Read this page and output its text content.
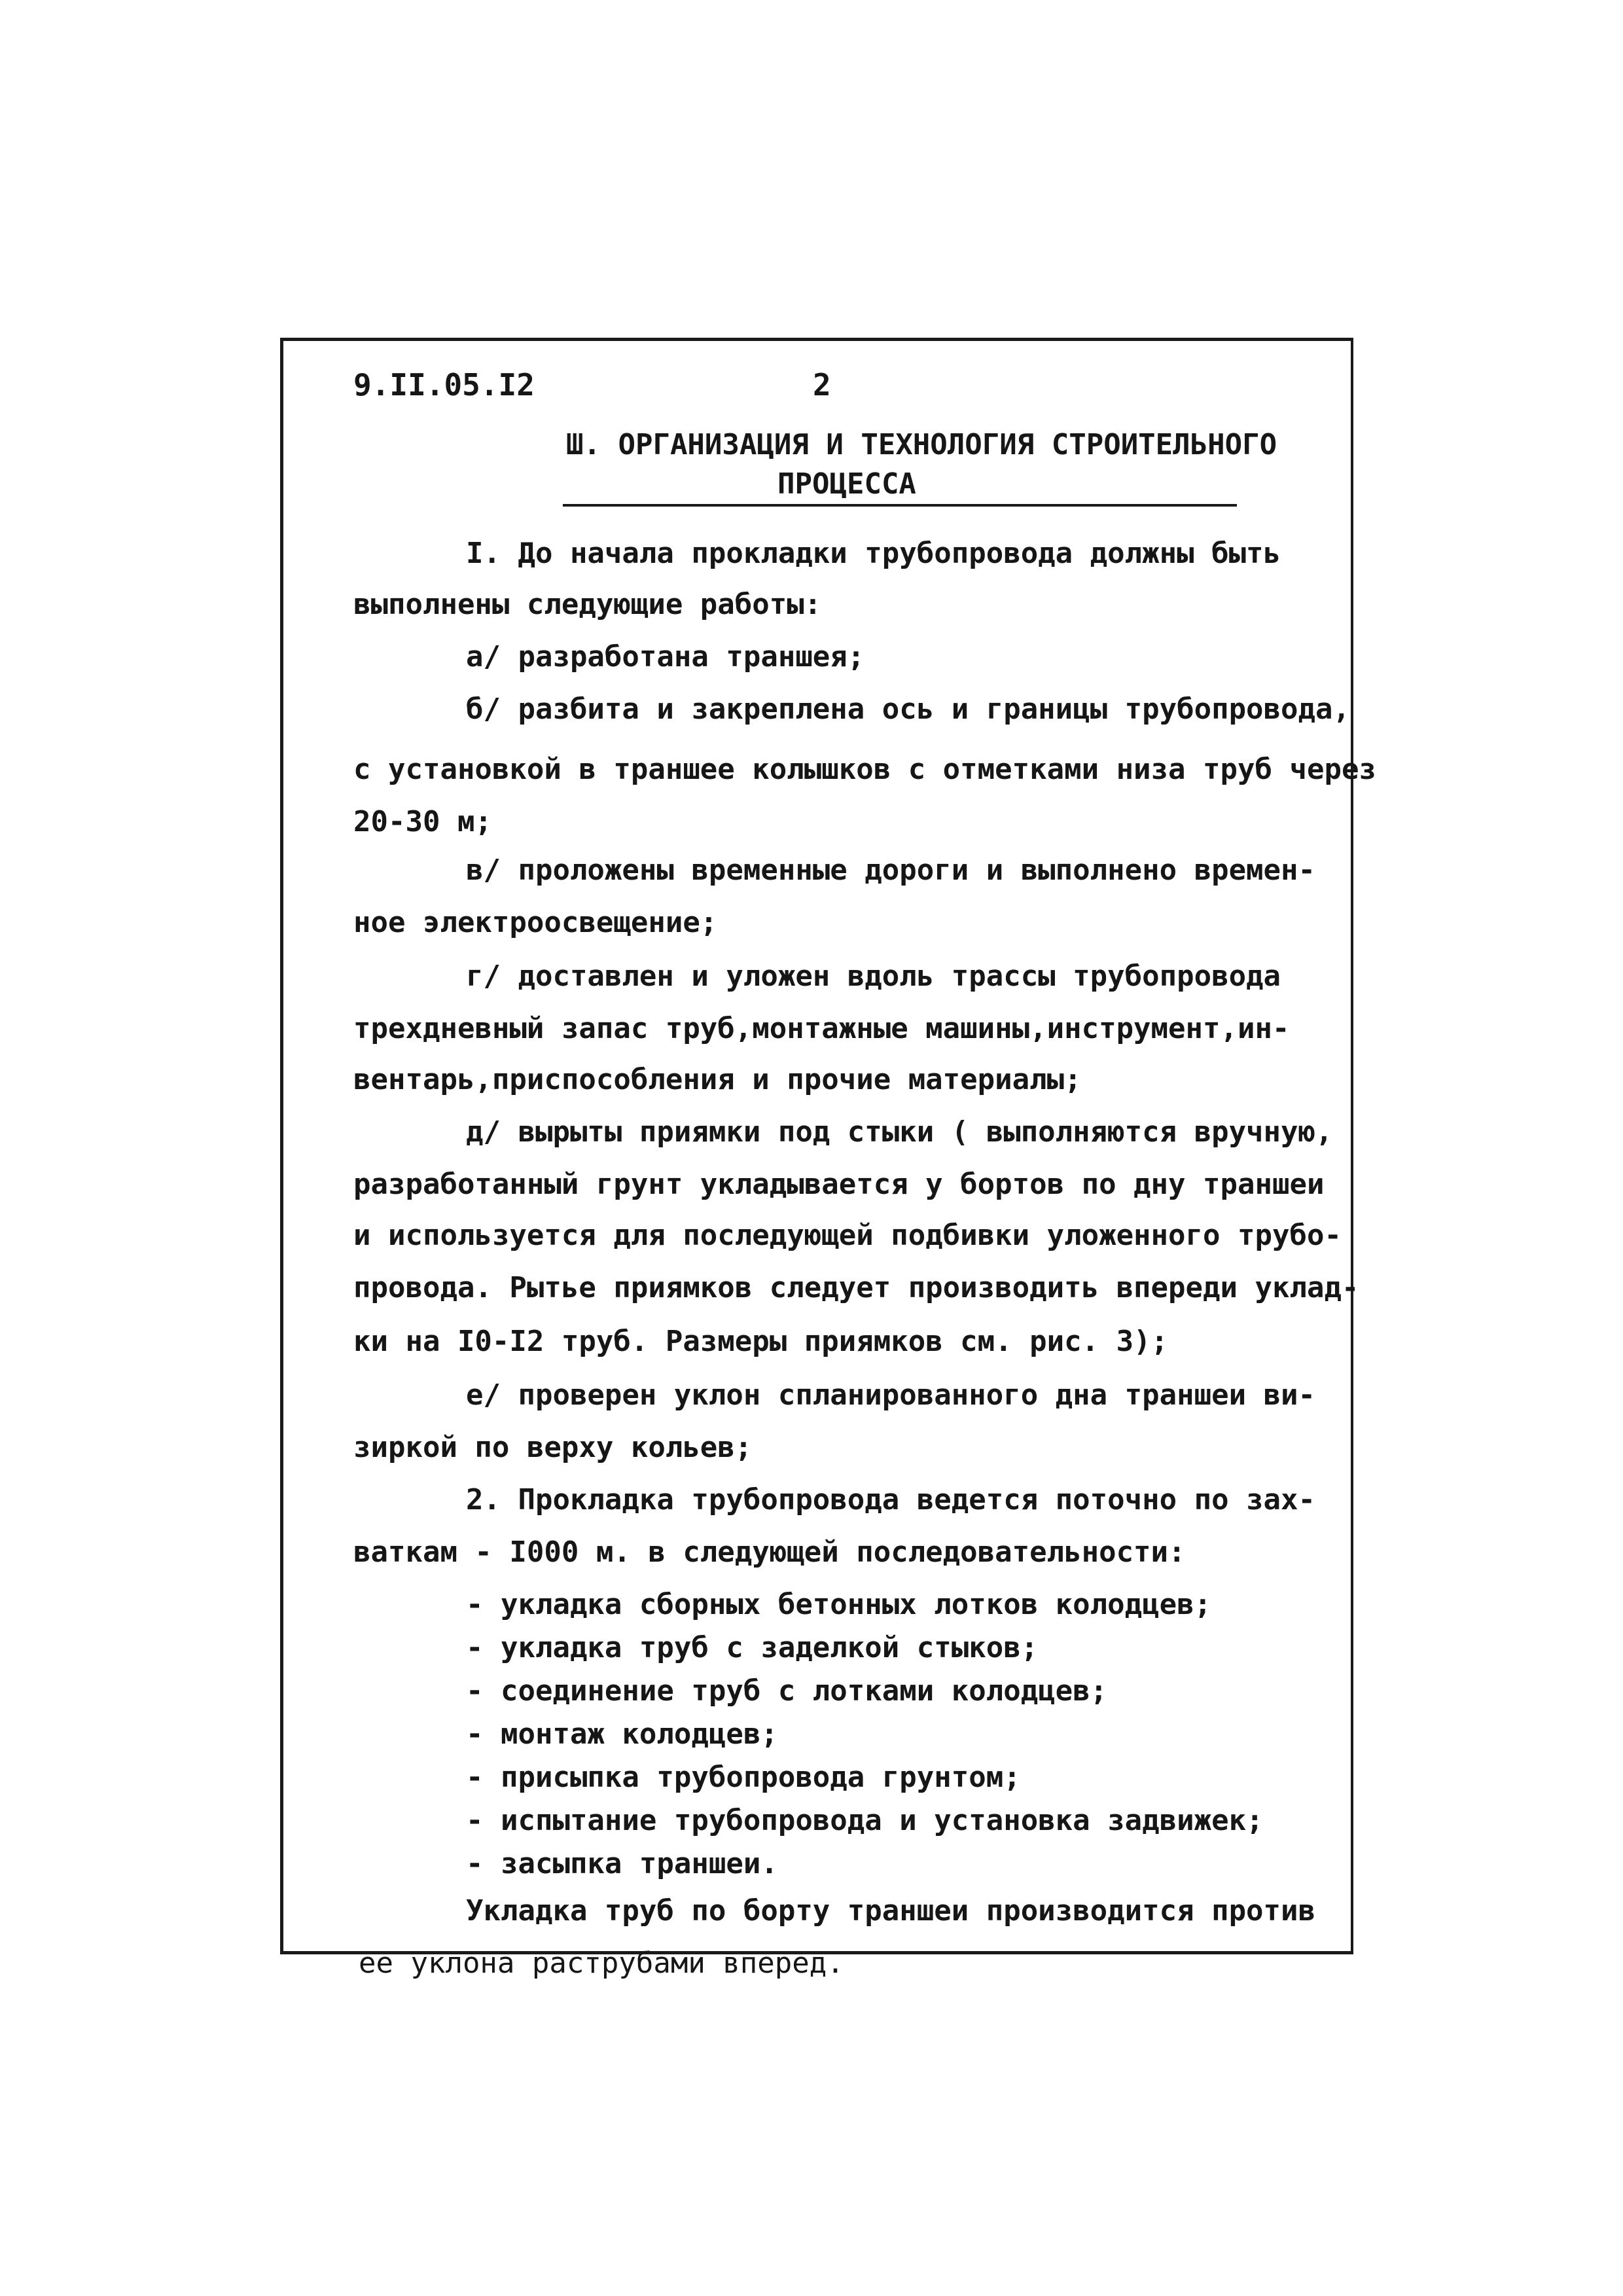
9.II.05.I2	2
Ш. ОРГАНИЗАЦИЯ И ТЕХНОЛОГИЯ СТРОИТЕЛЬНОГО
ПРОЦЕССА
I. До начала прокладки трубопровода должны быть
выполнены следующие работы:
а/ разработана траншея;
б/ разбита и закреплена ось и границы трубопровода,
с установкой в траншее колышков с отметками низа труб через
20-30 м;
в/ проложены временные дороги и выполнено времен-
ное электроосвещение;
г/ доставлен и уложен вдоль трассы трубопровода
трехдневный запас труб,монтажные машины,инструмент,ин-
вентарь,приспособления и прочие материалы;
д/ вырыты приямки под стыки ( выполняются вручную,
разработанный грунт укладывается у бортов по дну траншеи
и используется для последующей подбивки уложенного трубо-
провода. Рытье приямков следует производить впереди уклад-
ки на I0-I2 труб. Размеры приямков см. рис. 3);
е/ проверен уклон спланированного дна траншеи ви-
зиркой по верху кольев;
2. Прокладка трубопровода ведется поточно по зах-
ваткам - I000 м. в следующей последовательности:
- укладка сборных бетонных лотков колодцев;
- укладка труб с заделкой стыков;
- соединение труб с лотками колодцев;
- монтаж колодцев;
- присыпка трубопровода грунтом;
- испытание трубопровода и установка задвижек;
- засыпка траншеи.
Укладка труб по борту траншеи производится против
ее уклона раструбами вперед.
